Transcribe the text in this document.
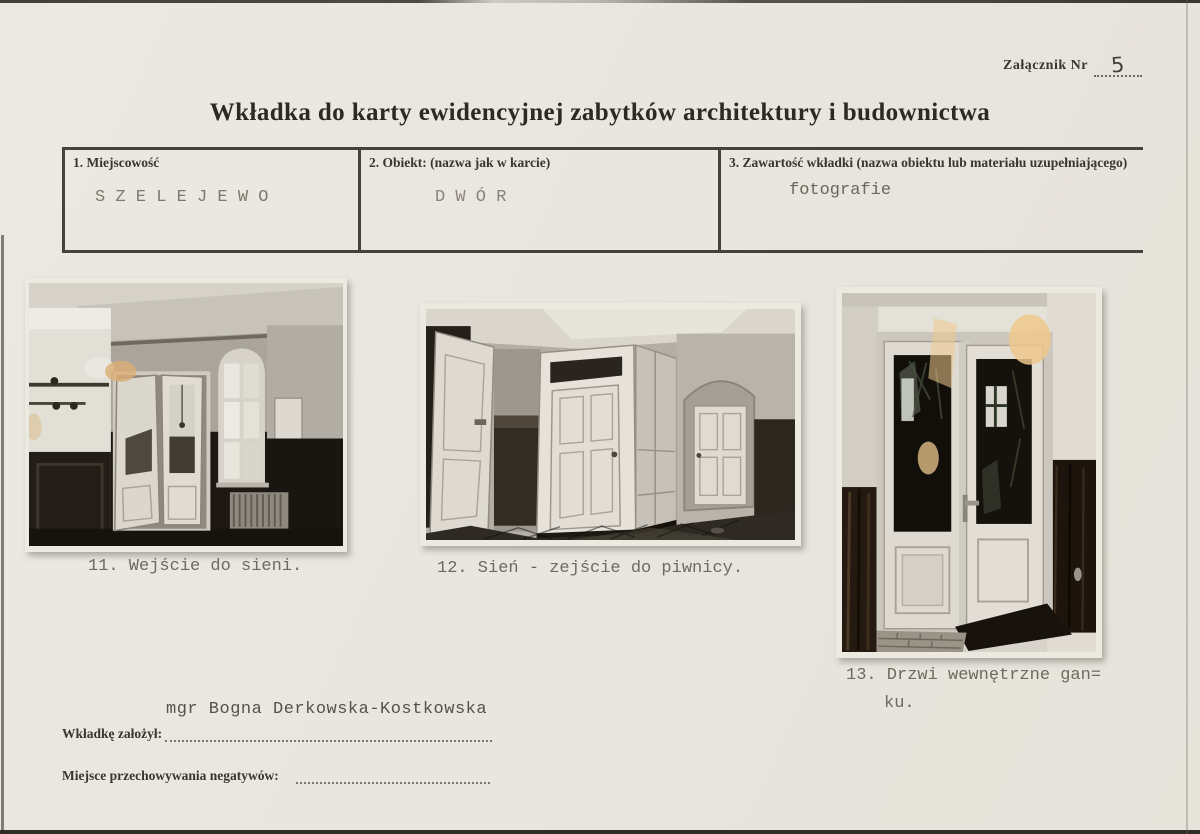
Załącznik Nr 5
Wkładka do karty ewidencyjnej zabytków architektury i budownictwa
1. Miejscowość
S Z E L E J E W O
2. Obiekt: (nazwa jak w karcie)
D W Ó R
3. Zawartość wkładki (nazwa obiektu lub materiału uzupełniającego)
fotografie
11. Wejście do sieni.	12. Sień - zejście do piwnicy.
13. Drzwi wewnętrzne gan=
ku.
mgr Bogna Derkowska-Kostkowska
Wkładkę założył:
Miejsce przechowywania negatywów:
